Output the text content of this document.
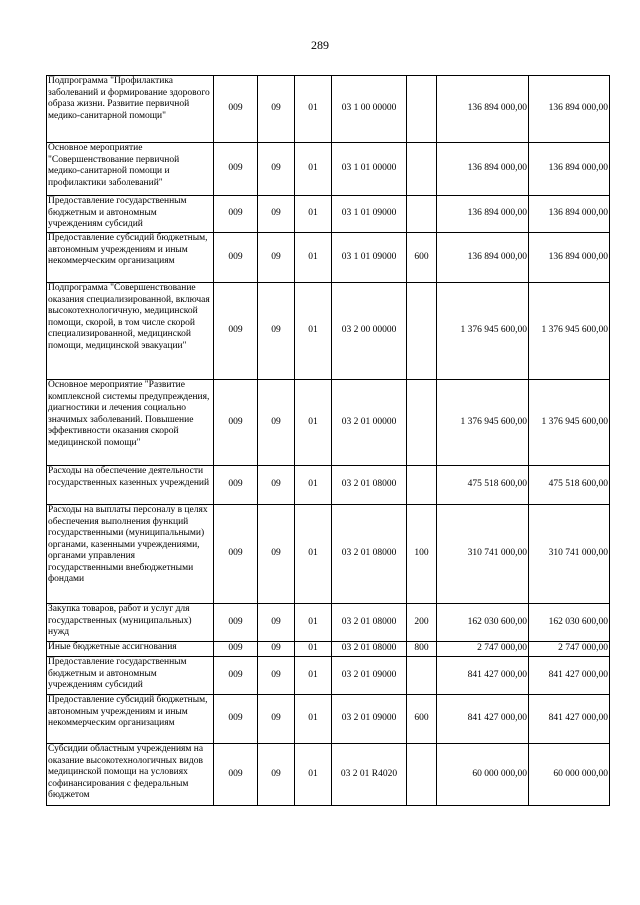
289
Подпрограмма "Профилактика заболеваний и формирование здорового образа жизни. Развитие первичной медико-санитарной помощи"	009	09	01	03 1 00 00000		136 894 000,00	136 894 000,00
Основное мероприятие "Совершенствование первичной медико-санитарной помощи и профилактики заболеваний"	009	09	01	03 1 01 00000		136 894 000,00	136 894 000,00
Предоставление государственным бюджетным и автономным учреждениям субсидий	009	09	01	03 1 01 09000		136 894 000,00	136 894 000,00
Предоставление субсидий бюджетным, автономным учреждениям и иным некоммерческим организациям	009	09	01	03 1 01 09000	600	136 894 000,00	136 894 000,00
Подпрограмма "Совершенствование оказания специализированной, включая высокотехнологичную, медицинской помощи, скорой, в том числе скорой специализированной, медицинской помощи, медицинской эвакуации"	009	09	01	03 2 00 00000		1 376 945 600,00	1 376 945 600,00
Основное мероприятие "Развитие комплексной системы предупреждения, диагностики и лечения социально значимых заболеваний. Повышение эффективности оказания скорой медицинской помощи"	009	09	01	03 2 01 00000		1 376 945 600,00	1 376 945 600,00
Расходы на обеспечение деятельности государственных казенных учреждений	009	09	01	03 2 01 08000		475 518 600,00	475 518 600,00
Расходы на выплаты персоналу в целях обеспечения выполнения функций государственными (муниципальными) органами, казенными учреждениями, органами управления государственными внебюджетными фондами	009	09	01	03 2 01 08000	100	310 741 000,00	310 741 000,00
Закупка товаров, работ и услуг для государственных (муниципальных) нужд	009	09	01	03 2 01 08000	200	162 030 600,00	162 030 600,00
Иные бюджетные ассигнования	009	09	01	03 2 01 08000	800	2 747 000,00	2 747 000,00
Предоставление государственным бюджетным и автономным учреждениям субсидий	009	09	01	03 2 01 09000		841 427 000,00	841 427 000,00
Предоставление субсидий бюджетным, автономным учреждениям и иным некоммерческим организациям	009	09	01	03 2 01 09000	600	841 427 000,00	841 427 000,00
Субсидии областным учреждениям на оказание высокотехнологичных видов медицинской помощи на условиях софинансирования с федеральным бюджетом	009	09	01	03 2 01 R4020		60 000 000,00	60 000 000,00
